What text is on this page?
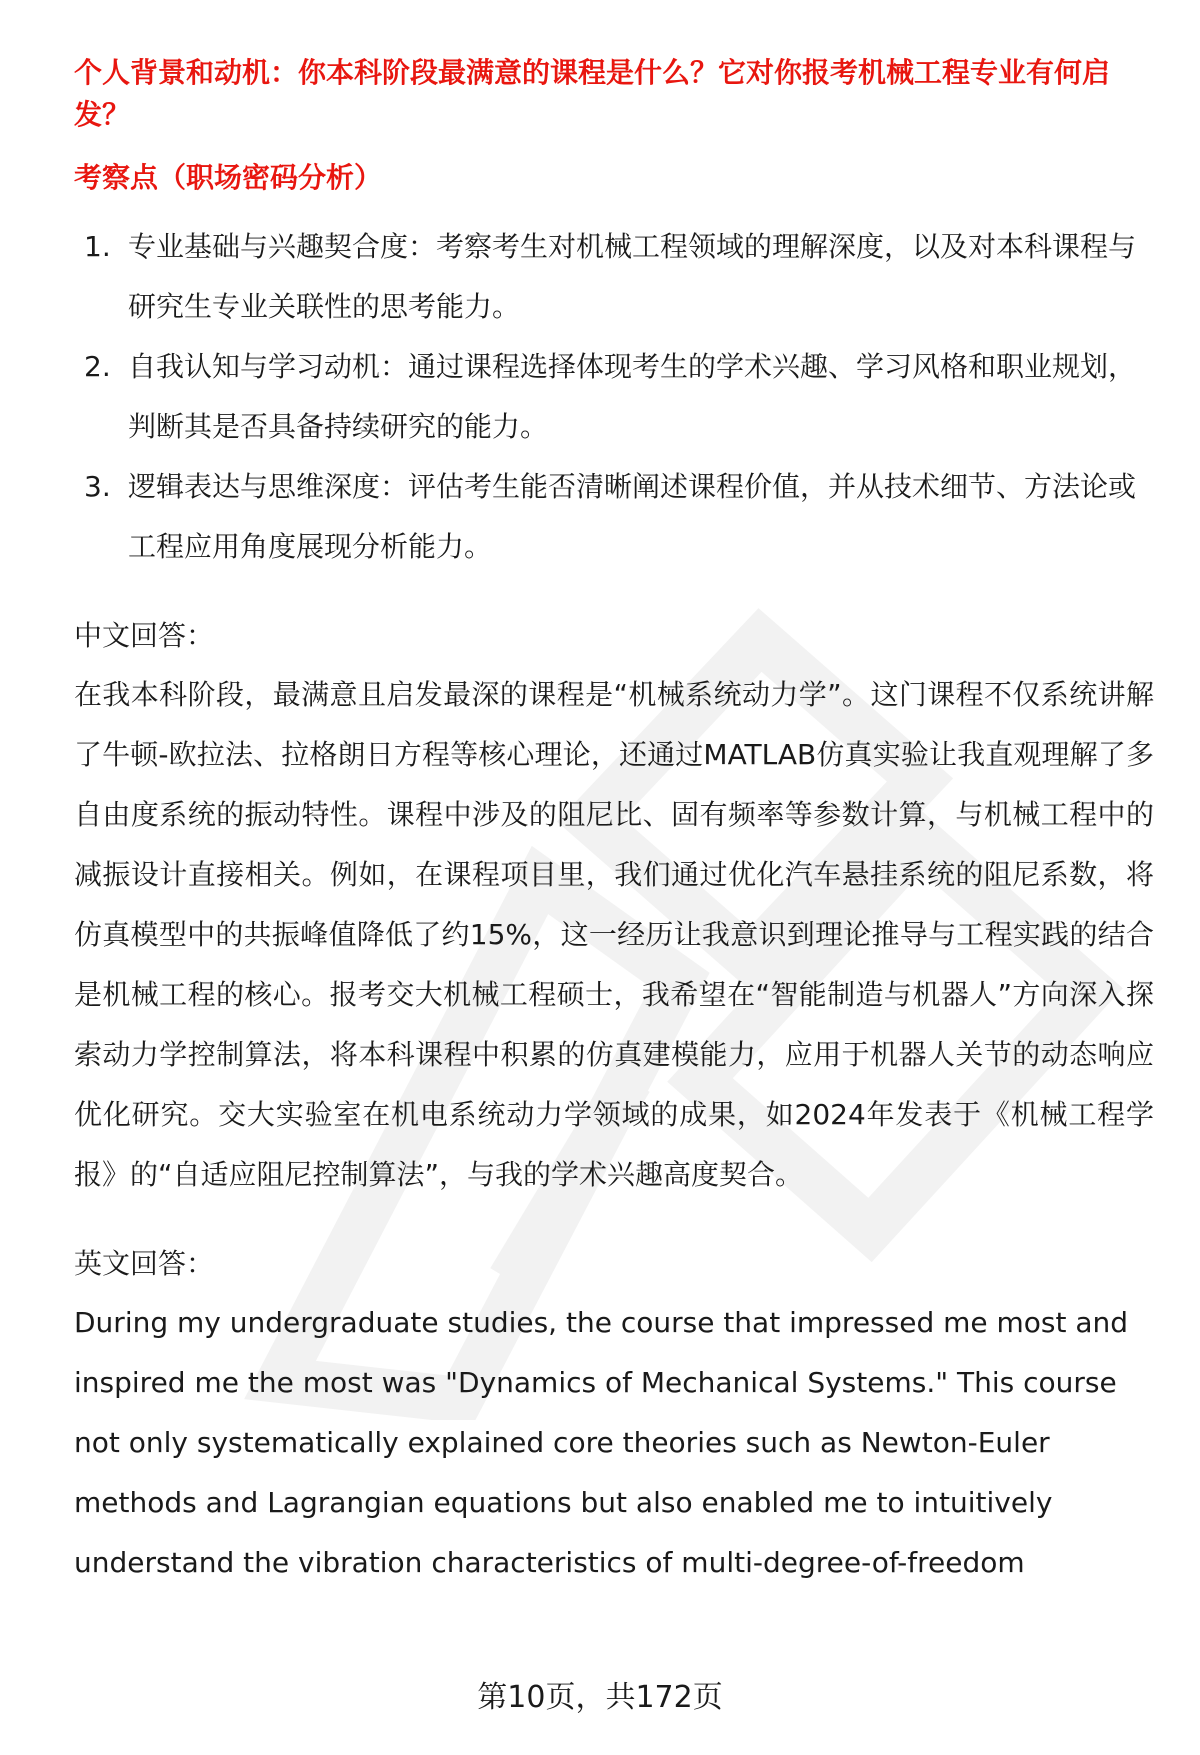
个人背景和动机：你本科阶段最满意的课程是什么？它对你报考机械工程专业有何启发？

考察点（职场密码分析）

1. 专业基础与兴趣契合度：考察考生对机械工程领域的理解深度，以及对本科课程与研究生专业关联性的思考能力。
2. 自我认知与学习动机：通过课程选择体现考生的学术兴趣、学习风格和职业规划，判断其是否具备持续研究的能力。
3. 逻辑表达与思维深度：评估考生能否清晰阐述课程价值，并从技术细节、方法论或工程应用角度展现分析能力。

中文回答：

在我本科阶段，最满意且启发最深的课程是“机械系统动力学”。这门课程不仅系统讲解了牛顿-欧拉法、拉格朗日方程等核心理论，还通过MATLAB仿真实验让我直观理解了多自由度系统的振动特性。课程中涉及的阻尼比、固有频率等参数计算，与机械工程中的减振设计直接相关。例如，在课程项目里，我们通过优化汽车悬挂系统的阻尼系数，将仿真模型中的共振峰值降低了约15%，这一经历让我意识到理论推导与工程实践的结合是机械工程的核心。报考交大机械工程硕士，我希望在“智能制造与机器人”方向深入探索动力学控制算法，将本科课程中积累的仿真建模能力，应用于机器人关节的动态响应优化研究。交大实验室在机电系统动力学领域的成果，如2024年发表于《机械工程学报》的“自适应阻尼控制算法”，与我的学术兴趣高度契合。

英文回答：

During my undergraduate studies, the course that impressed me most and inspired me the most was "Dynamics of Mechanical Systems." This course not only systematically explained core theories such as Newton-Euler methods and Lagrangian equations but also enabled me to intuitively understand the vibration characteristics of multi-degree-of-freedom

第10页，共172页
